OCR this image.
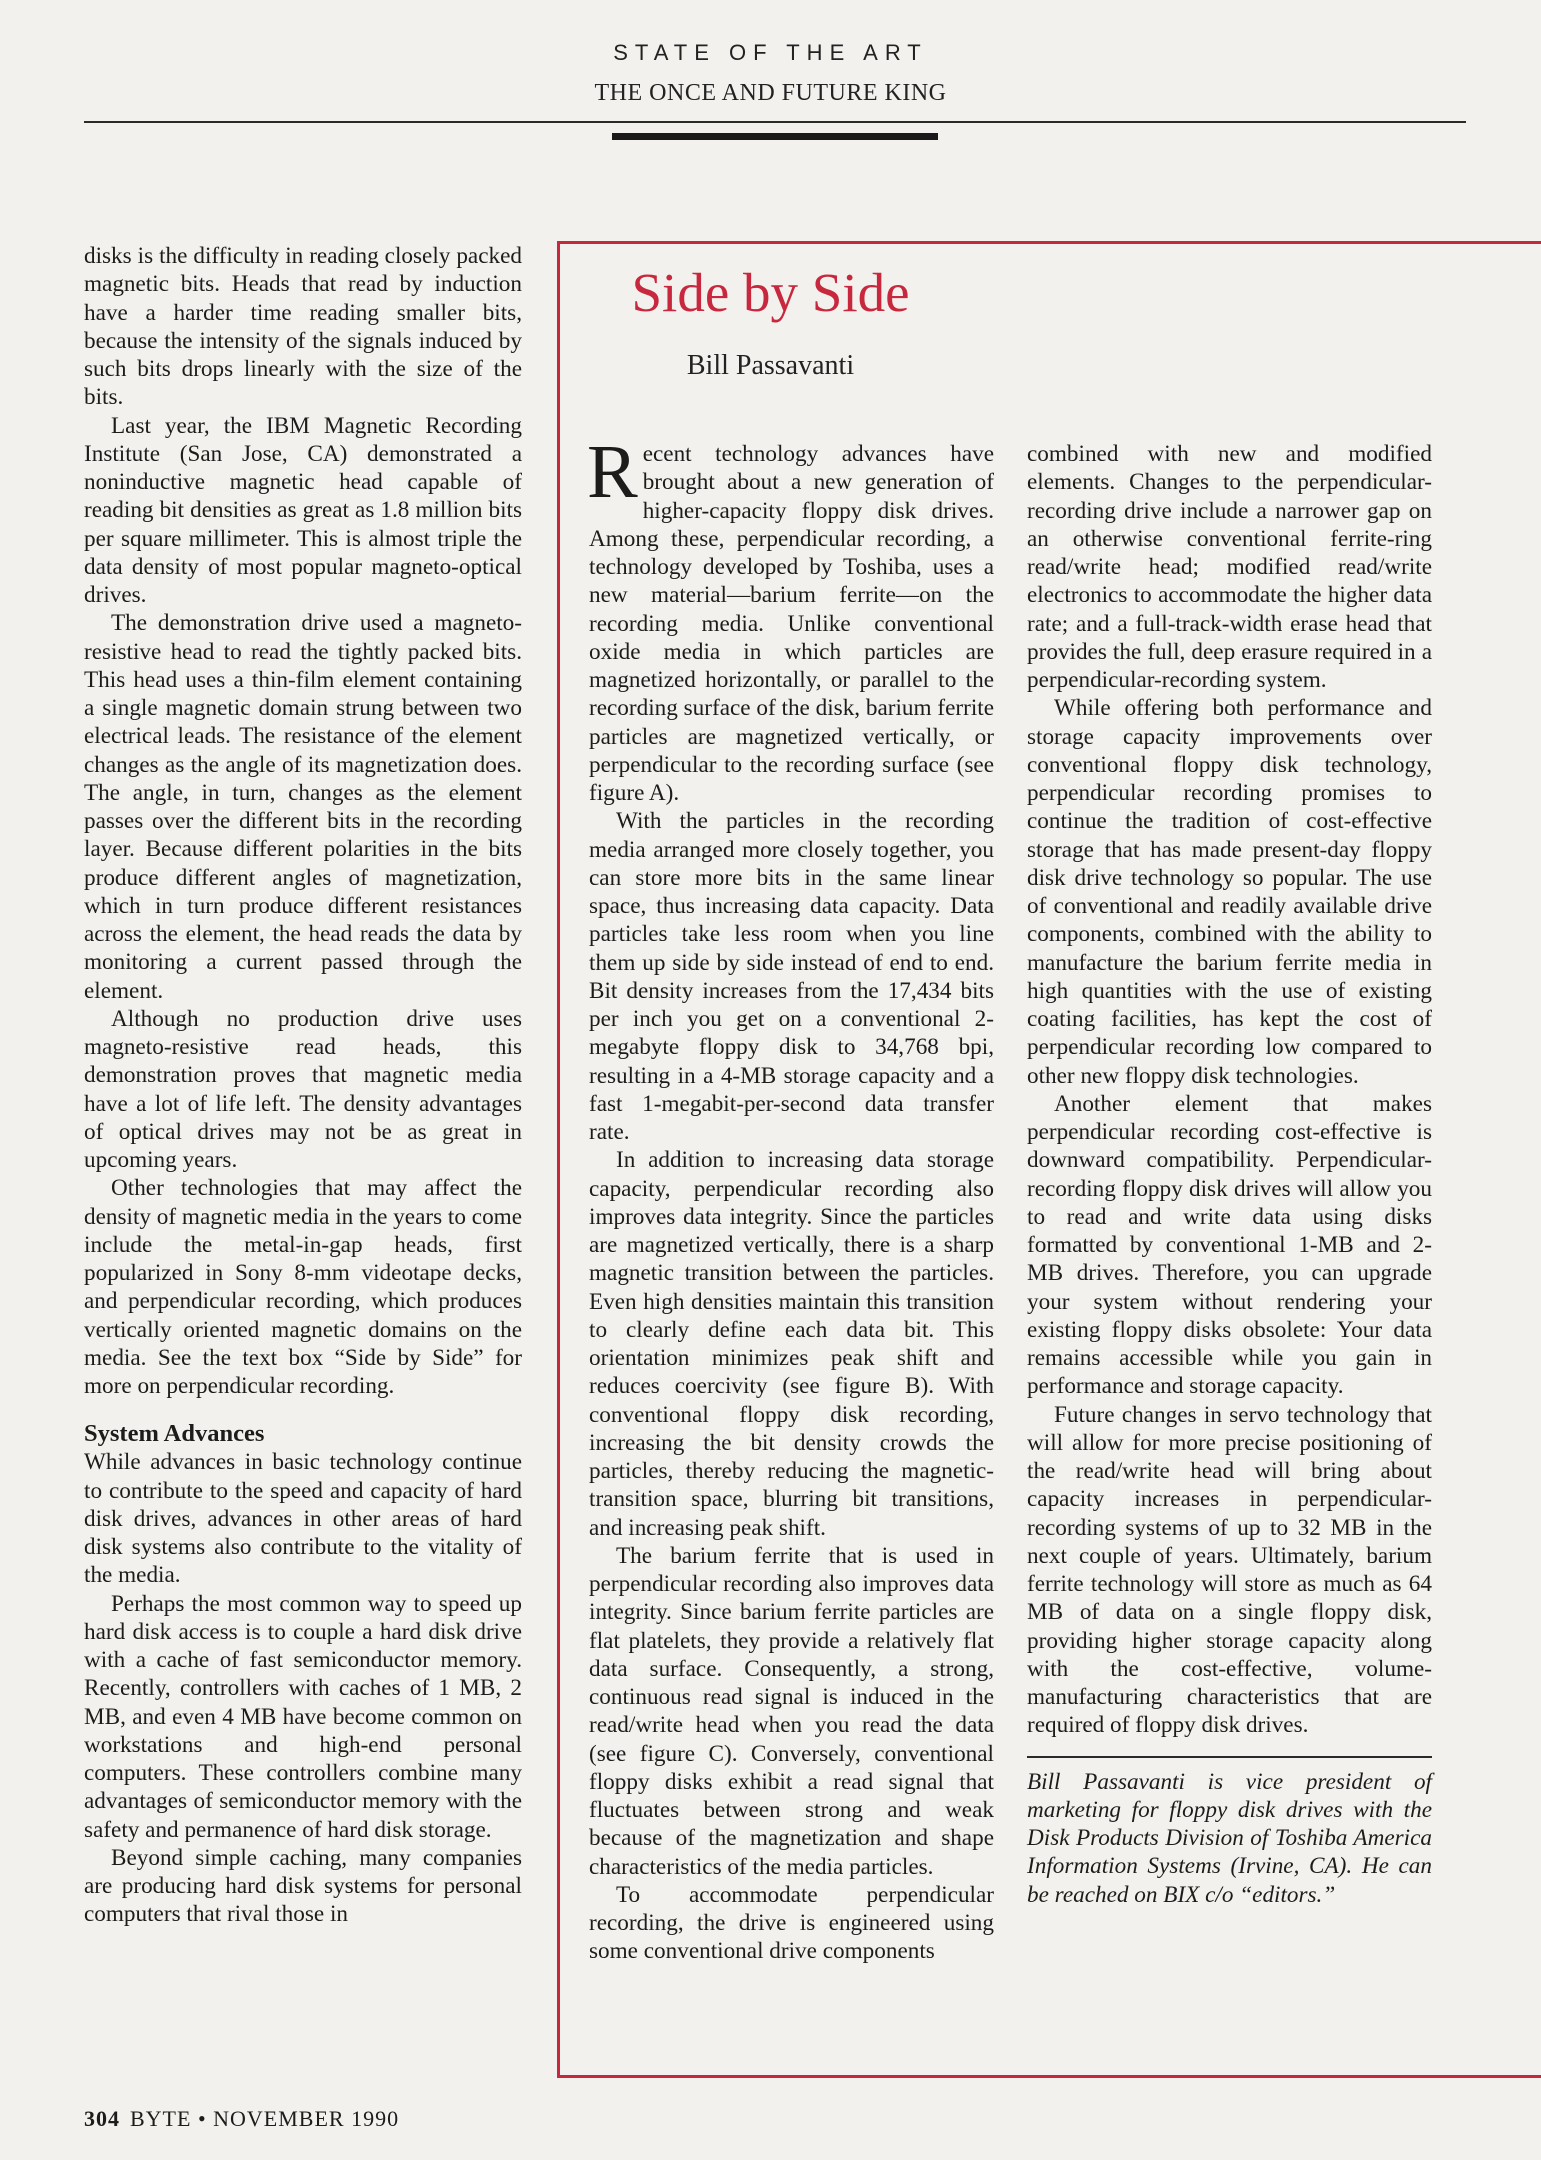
STATE OF THE ART
THE ONCE AND FUTURE KING

disks is the difficulty in reading closely packed magnetic bits. Heads that read by induction have a harder time reading smaller bits, because the intensity of the signals induced by such bits drops linearly with the size of the bits.

Last year, the IBM Magnetic Recording Institute (San Jose, CA) demonstrated a noninductive magnetic head capable of reading bit densities as great as 1.8 million bits per square millimeter. This is almost triple the data density of most popular magneto-optical drives.

The demonstration drive used a magneto-resistive head to read the tightly packed bits. This head uses a thin-film element containing a single magnetic domain strung between two electrical leads. The resistance of the element changes as the angle of its magnetization does. The angle, in turn, changes as the element passes over the different bits in the recording layer. Because different polarities in the bits produce different angles of magnetization, which in turn produce different resistances across the element, the head reads the data by monitoring a current passed through the element.

Although no production drive uses magneto-resistive read heads, this demonstration proves that magnetic media have a lot of life left. The density advantages of optical drives may not be as great in upcoming years.

Other technologies that may affect the density of magnetic media in the years to come include the metal-in-gap heads, first popularized in Sony 8-mm videotape decks, and perpendicular recording, which produces vertically oriented magnetic domains on the media. See the text box “Side by Side” for more on perpendicular recording.

System Advances

While advances in basic technology continue to contribute to the speed and capacity of hard disk drives, advances in other areas of hard disk systems also contribute to the vitality of the media.

Perhaps the most common way to speed up hard disk access is to couple a hard disk drive with a cache of fast semiconductor memory. Recently, controllers with caches of 1 MB, 2 MB, and even 4 MB have become common on workstations and high-end personal computers. These controllers combine many advantages of semiconductor memory with the safety and permanence of hard disk storage.

Beyond simple caching, many companies are producing hard disk systems for personal computers that rival those in

Side by Side
Bill Passavanti

Recent technology advances have brought about a new generation of higher-capacity floppy disk drives. Among these, perpendicular recording, a technology developed by Toshiba, uses a new material—barium ferrite—on the recording media. Unlike conventional oxide media in which particles are magnetized horizontally, or parallel to the recording surface of the disk, barium ferrite particles are magnetized vertically, or perpendicular to the recording surface (see figure A).

With the particles in the recording media arranged more closely together, you can store more bits in the same linear space, thus increasing data capacity. Data particles take less room when you line them up side by side instead of end to end. Bit density increases from the 17,434 bits per inch you get on a conventional 2-megabyte floppy disk to 34,768 bpi, resulting in a 4-MB storage capacity and a fast 1-megabit-per-second data transfer rate.

In addition to increasing data storage capacity, perpendicular recording also improves data integrity. Since the particles are magnetized vertically, there is a sharp magnetic transition between the particles. Even high densities maintain this transition to clearly define each data bit. This orientation minimizes peak shift and reduces coercivity (see figure B). With conventional floppy disk recording, increasing the bit density crowds the particles, thereby reducing the magnetic-transition space, blurring bit transitions, and increasing peak shift.

The barium ferrite that is used in perpendicular recording also improves data integrity. Since barium ferrite particles are flat platelets, they provide a relatively flat data surface. Consequently, a strong, continuous read signal is induced in the read/write head when you read the data (see figure C). Conversely, conventional floppy disks exhibit a read signal that fluctuates between strong and weak because of the magnetization and shape characteristics of the media particles.

To accommodate perpendicular recording, the drive is engineered using some conventional drive components

combined with new and modified elements. Changes to the perpendicular-recording drive include a narrower gap on an otherwise conventional ferrite-ring read/write head; modified read/write electronics to accommodate the higher data rate; and a full-track-width erase head that provides the full, deep erasure required in a perpendicular-recording system.

While offering both performance and storage capacity improvements over conventional floppy disk technology, perpendicular recording promises to continue the tradition of cost-effective storage that has made present-day floppy disk drive technology so popular. The use of conventional and readily available drive components, combined with the ability to manufacture the barium ferrite media in high quantities with the use of existing coating facilities, has kept the cost of perpendicular recording low compared to other new floppy disk technologies.

Another element that makes perpendicular recording cost-effective is downward compatibility. Perpendicular-recording floppy disk drives will allow you to read and write data using disks formatted by conventional 1-MB and 2-MB drives. Therefore, you can upgrade your system without rendering your existing floppy disks obsolete: Your data remains accessible while you gain in performance and storage capacity.

Future changes in servo technology that will allow for more precise positioning of the read/write head will bring about capacity increases in perpendicular-recording systems of up to 32 MB in the next couple of years. Ultimately, barium ferrite technology will store as much as 64 MB of data on a single floppy disk, providing higher storage capacity along with the cost-effective, volume-manufacturing characteristics that are required of floppy disk drives.

Bill Passavanti is vice president of marketing for floppy disk drives with the Disk Products Division of Toshiba America Information Systems (Irvine, CA). He can be reached on BIX c/o “editors.”

304 BYTE • NOVEMBER 1990
